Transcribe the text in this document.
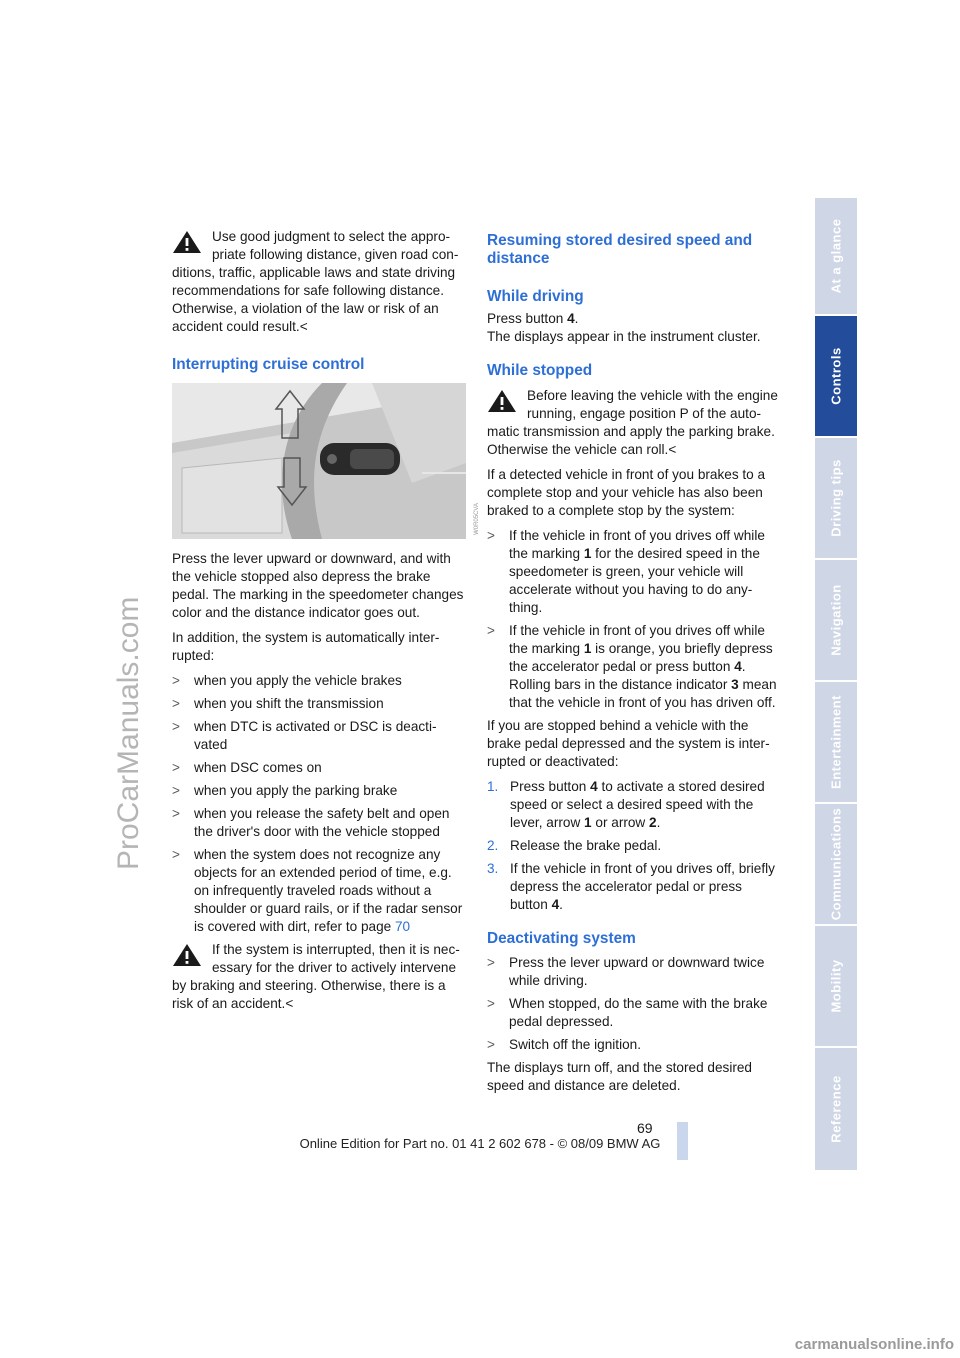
ProCarManuals.com

Use good judgment to select the appro-priate following distance, given road con-ditions, traffic, applicable laws and state driving recommendations for safe following distance. Otherwise, a violation of the law or risk of an accident could result.<

Interrupting cruise control
W0R05CVA

Press the lever upward or downward, and with the vehicle stopped also depress the brake pedal. The marking in the speedometer changes color and the distance indicator goes out.

In addition, the system is automatically inter-rupted:

> when you apply the vehicle brakes
> when you shift the transmission
> when DTC is activated or DSC is deacti-vated
> when DSC comes on
> when you apply the parking brake
> when you release the safety belt and open the driver's door with the vehicle stopped
> when the system does not recognize any objects for an extended period of time, e.g. on infrequently traveled roads without a shoulder or guard rails, or if the radar sensor is covered with dirt, refer to page 70

If the system is interrupted, then it is nec-essary for the driver to actively intervene by braking and steering. Otherwise, there is a risk of an accident.<

Resuming stored desired speed and distance
While driving

Press button 4.

The displays appear in the instrument cluster.

While stopped

Before leaving the vehicle with the engine running, engage position P of the auto-matic transmission and apply the parking brake. Otherwise the vehicle can roll.<

If a detected vehicle in front of you brakes to a complete stop and your vehicle has also been braked to a complete stop by the system:

> If the vehicle in front of you drives off while the marking 1 for the desired speed in the speedometer is green, your vehicle will accelerate without you having to do any-thing.
> If the vehicle in front of you drives off while the marking 1 is orange, you briefly depress the accelerator pedal or press button 4. Rolling bars in the distance indicator 3 mean that the vehicle in front of you has driven off.

If you are stopped behind a vehicle with the brake pedal depressed and the system is inter-rupted or deactivated:

1. Press button 4 to activate a stored desired speed or select a desired speed with the lever, arrow 1 or arrow 2.
2. Release the brake pedal.
3. If the vehicle in front of you drives off, briefly depress the accelerator pedal or press button 4.
Deactivating system
> Press the lever upward or downward twice while driving.
> When stopped, do the same with the brake pedal depressed.
> Switch off the ignition.

The displays turn off, and the stored desired speed and distance are deleted.

At a glance
Controls
Driving tips
Navigation
Entertainment
Communications
Mobility
Reference
69
Online Edition for Part no. 01 41 2 602 678 - © 08/09 BMW AG
carmanualsonline.info
